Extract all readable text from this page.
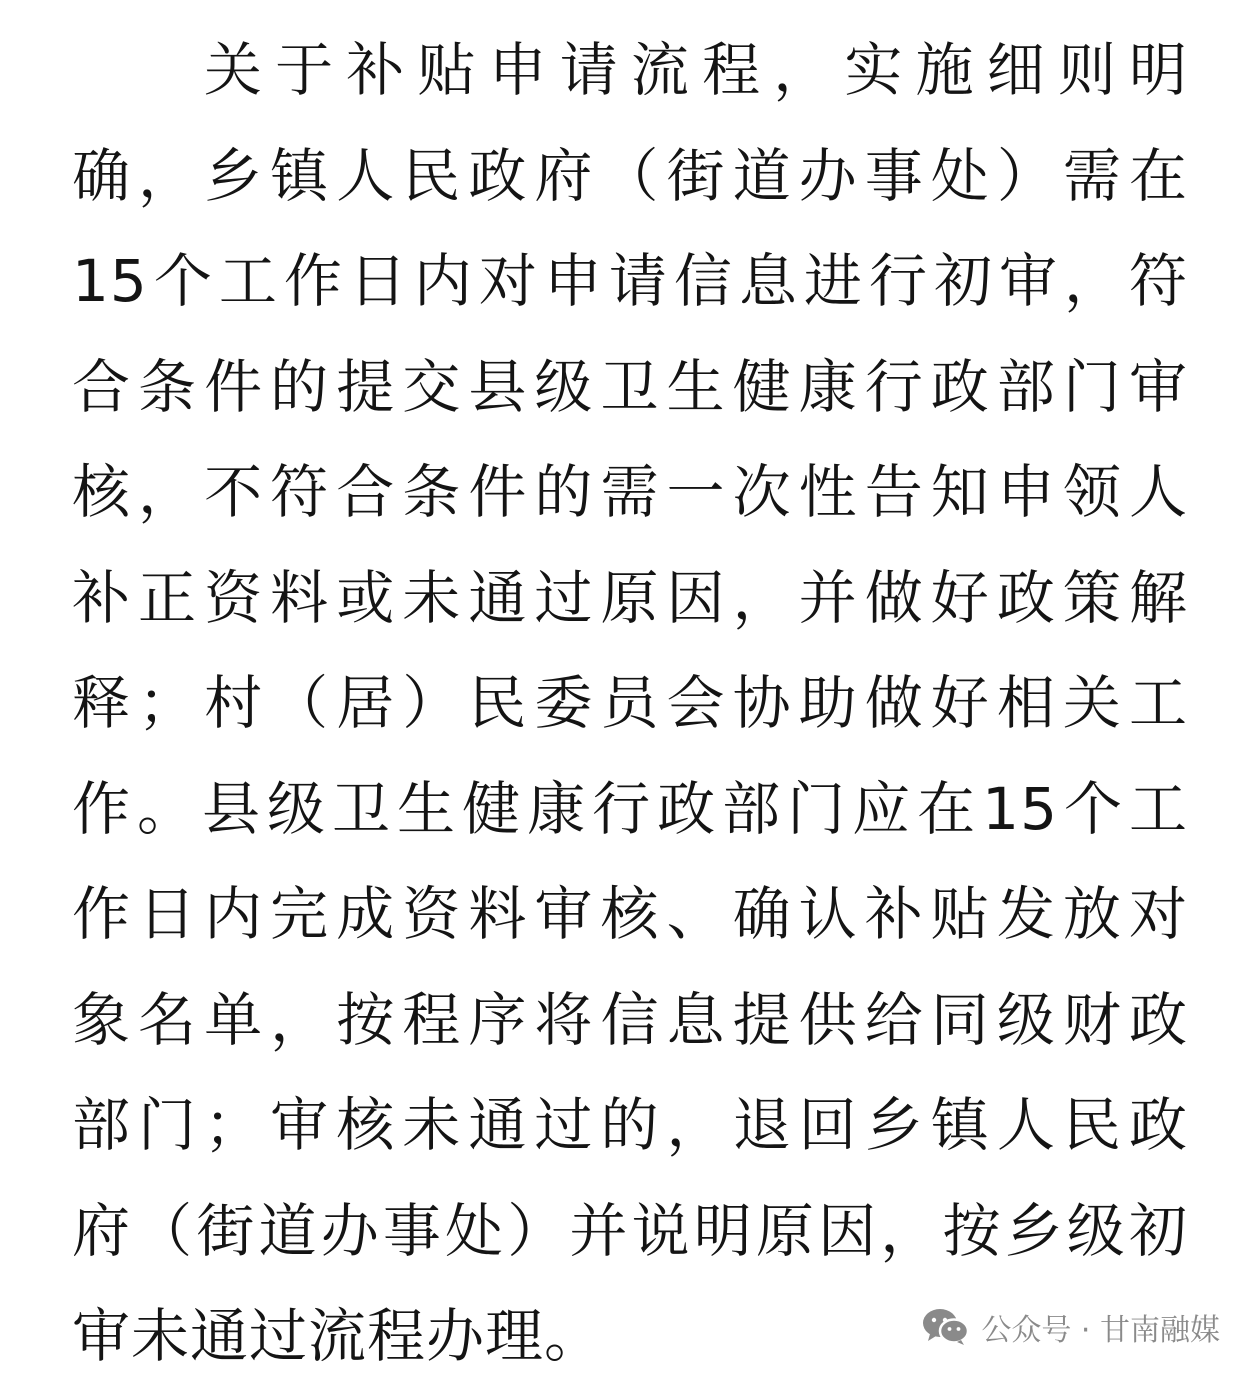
关于补贴申请流程，实施细则明
确，乡镇人民政府（街道办事处）需在
15个工作日内对申请信息进行初审，符
合条件的提交县级卫生健康行政部门审
核，不符合条件的需一次性告知申领人
补正资料或未通过原因，并做好政策解
释；村（居）民委员会协助做好相关工
作。县级卫生健康行政部门应在15个工
作日内完成资料审核、确认补贴发放对
象名单，按程序将信息提供给同级财政
部门；审核未通过的，退回乡镇人民政
府（街道办事处）并说明原因，按乡级初
审未通过流程办理。	公众号 · 甘南融媒
